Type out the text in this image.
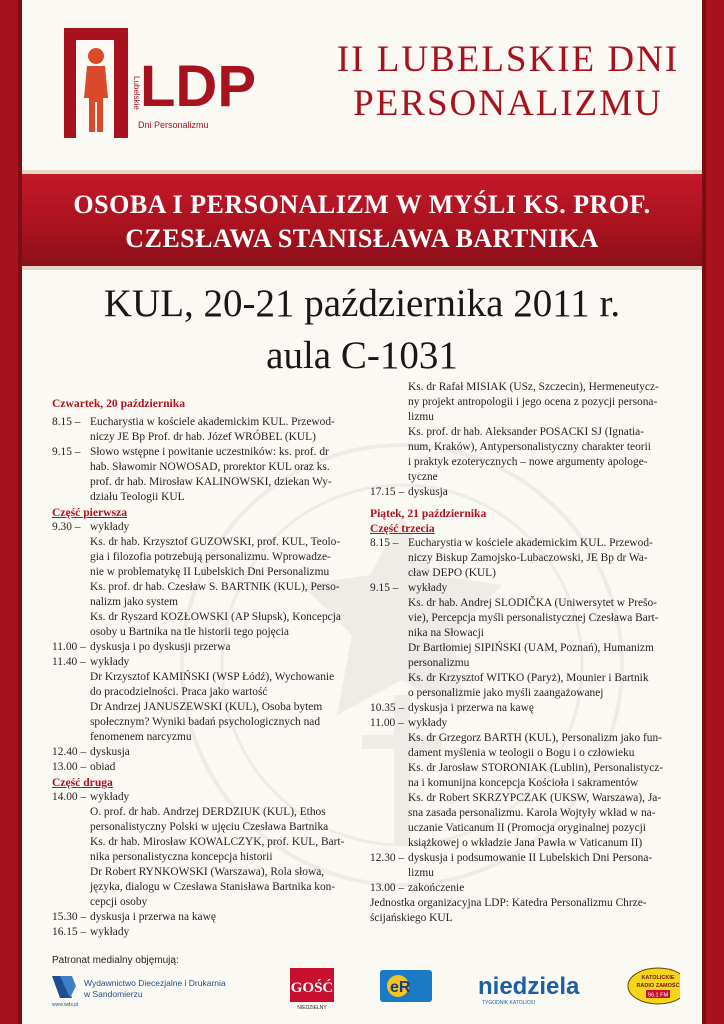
LDP
Dni Personalizmu
Lubelskie
II LUBELSKIE DNI
PERSONALIZMU
OSOBA I PERSONALIZM W MYŚLI KS. PROF.
CZESŁAWA STANISŁAWA BARTNIKA
KUL, 20-21 października 2011 r.
aula C-1031
Czwartek, 20 października
8.15 – Eucharystia w kościele akademickim KUL. Przewod-
niczy JE Bp Prof. dr hab. Józef WRÓBEL (KUL)
9.15 – Słowo wstępne i powitanie uczestników: ks. prof. dr
hab. Sławomir NOWOSAD, prorektor KUL oraz ks.
prof. dr hab. Mirosław KALINOWSKI, dziekan Wy-
działu Teologii KUL
Część pierwsza
9.30 – wykłady
Ks. dr hab. Krzysztof GUZOWSKI, prof. KUL, Teolo-
gia i filozofia potrzebują personalizmu. Wprowadze-
nie w problematykę II Lubelskich Dni Personalizmu
Ks. prof. dr hab. Czesław S. BARTNIK (KUL), Perso-
nalizm jako system
Ks. dr Ryszard KOZŁOWSKI (AP Słupsk), Koncepcja
osoby u Bartnika na tle historii tego pojęcia
11.00 – dyskusja i po dyskusji przerwa
11.40 – wykłady
Dr Krzysztof KAMIŃSKI (WSP Łódź), Wychowanie
do pracodzielności. Praca jako wartość
Dr Andrzej JANUSZEWSKI (KUL), Osoba bytem
społecznym? Wyniki badań psychologicznych nad
fenomenem narcyzmu
12.40 – dyskusja
13.00 – obiad
Część druga
14.00 – wykłady
O. prof. dr hab. Andrzej DERDZIUK (KUL), Ethos
personalistyczny Polski w ujęciu Czesława Bartnika
Ks. dr hab. Mirosław KOWALCZYK, prof. KUL, Bart-
nika personalistyczna koncepcja historii
Dr Robert RYNKOWSKI (Warszawa), Rola słowa,
języka, dialogu w Czesława Stanisława Bartnika kon-
cepcji osoby
15.30 – dyskusja i przerwa na kawę
16.15 – wykłady
Ks. dr Rafał MISIAK (USz, Szczecin), Hermeneutycz-
ny projekt antropologii i jego ocena z pozycji persona-
lizmu
Ks. prof. dr hab. Aleksander POSACKI SJ (Ignatia-
num, Kraków), Antypersonalistyczny charakter teorii
i praktyk ezoterycznych – nowe argumenty apologe-
tyczne
17.15 – dyskusja
Piątek, 21 października
Część trzecia
8.15 – Eucharystia w kościele akademickim KUL. Przewod-
niczy Biskup Zamojsko-Lubaczowski, JE Bp dr Wa-
cław DEPO (KUL)
9.15 – wykłady
Ks. dr hab. Andrej SLODIČKA (Uniwersytet w Prešo-
vie), Percepcja myśli personalistycznej Czesława Bart-
nika na Słowacji
Dr Bartłomiej SIPIŃSKI (UAM, Poznań), Humanizm
personalizmu
Ks. dr Krzysztof WITKO (Paryż), Mounier i Bartnik
o personalizmie jako myśli zaangażowanej
10.35 – dyskusja i przerwa na kawę
11.00 – wykłady
Ks. dr Grzegorz BARTH (KUL), Personalizm jako fun-
dament myślenia w teologii o Bogu i o człowieku
Ks. dr Jarosław STORONIAK (Lublin), Personalistycz-
na i komunijna koncepcja Kościoła i sakramentów
Ks. dr Robert SKRZYPCZAK (UKSW, Warszawa), Ja-
sna zasada personalizmu. Karola Wojtyły wkład w na-
uczanie Vaticanum II (Promocja oryginalnej pozycji
książkowej o wkładzie Jana Pawła w Vaticanum II)
12.30 – dyskusja i podsumowanie II Lubelskich Dni Persona-
lizmu
13.00 – zakończenie
Jednostka organizacyjna LDP: Katedra Personalizmu Chrze-
ścijańskiego KUL
Patronat medialny objęmują:
www.wds.pl
Wydawnictwo Diecezjalne i Drukarnia
w Sandomierzu	GOŚĆ
NIEDZIELNY
eR	niedziela
TYGODNIK KATOLICKI
KATOLICKIE
RADIO ZAMOŚĆ
96.1 FM
